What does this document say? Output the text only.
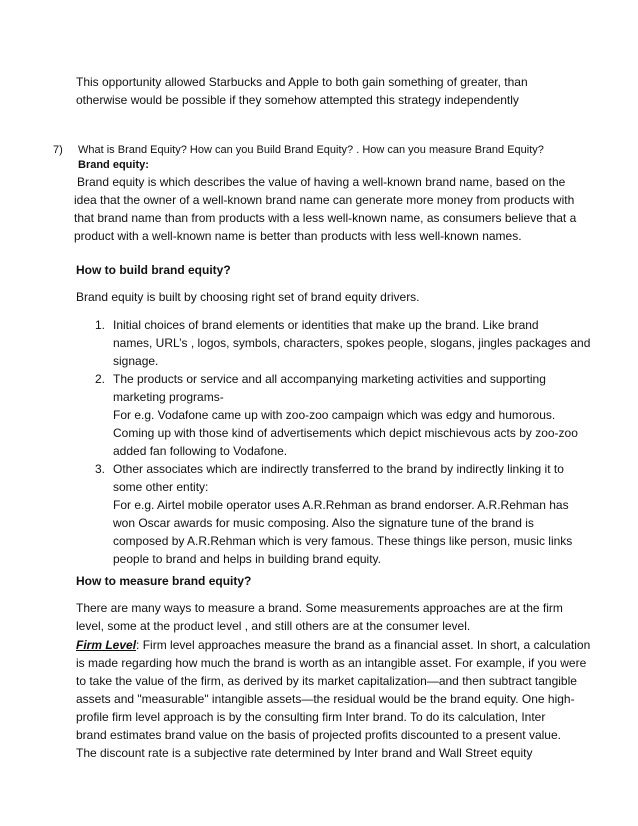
This opportunity allowed Starbucks and Apple to both gain something of greater, than
otherwise would be possible if they somehow attempted this strategy independently
7) What is Brand Equity? How can you Build Brand Equity? . How can you measure Brand Equity?
Brand equity:
Brand equity is which describes the value of having a well-known brand name, based on the
idea that the owner of a well-known brand name can generate more money from products with
that brand name than from products with a less well-known name, as consumers believe that a
product with a well-known name is better than products with less well-known names.
How to build brand equity?
Brand equity is built by choosing right set of brand equity drivers.
1. Initial choices of brand elements or identities that make up the brand. Like brand
names, URL’s , logos, symbols, characters, spokes people, slogans, jingles packages and
signage.
2. The products or service and all accompanying marketing activities and supporting
marketing programs-
For e.g. Vodafone came up with zoo-zoo campaign which was edgy and humorous.
Coming up with those kind of advertisements which depict mischievous acts by zoo-zoo
added fan following to Vodafone.
3. Other associates which are indirectly transferred to the brand by indirectly linking it to
some other entity:
For e.g. Airtel mobile operator uses A.R.Rehman as brand endorser. A.R.Rehman has
won Oscar awards for music composing. Also the signature tune of the brand is
composed by A.R.Rehman which is very famous. These things like person, music links
people to brand and helps in building brand equity.
How to measure brand equity?
There are many ways to measure a brand. Some measurements approaches are at the firm
level, some at the product level , and still others are at the consumer level.
Firm Level: Firm level approaches measure the brand as a financial asset. In short, a calculation
is made regarding how much the brand is worth as an intangible asset. For example, if you were
to take the value of the firm, as derived by its market capitalization—and then subtract tangible
assets and "measurable" intangible assets—the residual would be the brand equity. One high-
profile firm level approach is by the consulting firm Inter brand. To do its calculation, Inter
brand estimates brand value on the basis of projected profits discounted to a present value.
The discount rate is a subjective rate determined by Inter brand and Wall Street equity
